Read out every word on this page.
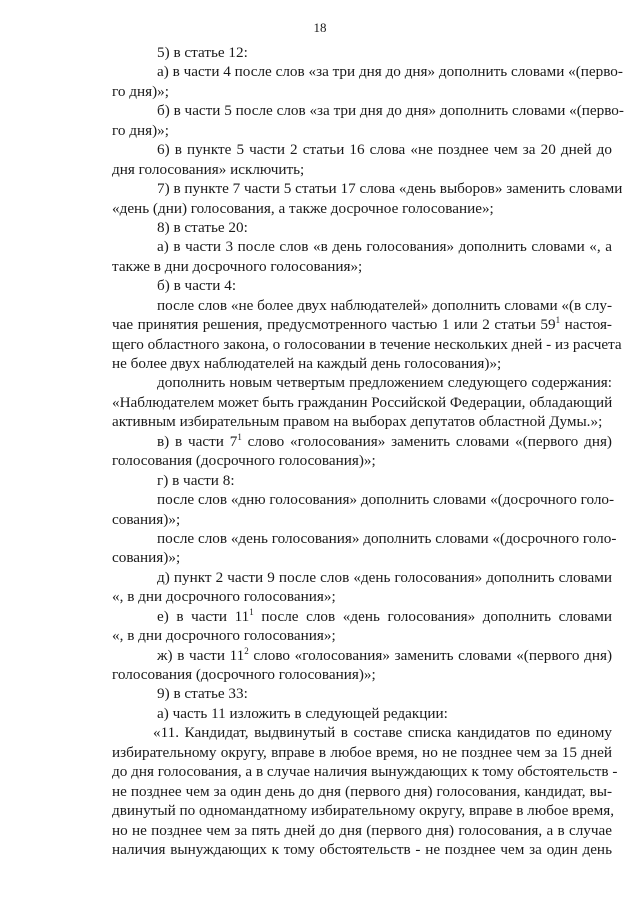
18
5) в статье 12:
а) в части 4 после слов «за три дня до дня» дополнить словами «(перво-
го дня)»;
б) в части 5 после слов «за три дня до дня» дополнить словами «(перво-
го дня)»;
6) в пункте 5 части 2 статьи 16 слова «не позднее чем за 20 дней до
дня голосования» исключить;
7) в пункте 7 части 5 статьи 17 слова «день выборов» заменить словами
«день (дни) голосования, а также досрочное голосование»;
8) в статье 20:
а) в части 3 после слов «в день голосования» дополнить словами «, а
также в дни досрочного голосования»;
б) в части 4:
после слов «не более двух наблюдателей» дополнить словами «(в слу-
чае принятия решения, предусмотренного частью 1 или 2 статьи $59^1$ настоя-
щего областного закона, о голосовании в течение нескольких дней - из расчета
не более двух наблюдателей на каждый день голосования)»;
дополнить новым четвертым предложением следующего содержания:
«Наблюдателем может быть гражданин Российской Федерации, обладающий
активным избирательным правом на выборах депутатов областной Думы.»;
в) в части $7^1$ слово «голосования» заменить словами «(первого дня)
голосования (досрочного голосования)»;
г) в части 8:
после слов «дню голосования» дополнить словами «(досрочного голо-
сования)»;
после слов «день голосования» дополнить словами «(досрочного голо-
сования)»;
д) пункт 2 части 9 после слов «день голосования» дополнить словами
«, в дни досрочного голосования»;
е) в части $11^1$ после слов «день голосования» дополнить словами
«, в дни досрочного голосования»;
ж) в части $11^2$ слово «голосования» заменить словами «(первого дня)
голосования (досрочного голосования)»;
9) в статье 33:
а) часть 11 изложить в следующей редакции:
«11. Кандидат, выдвинутый в составе списка кандидатов по единому
избирательному округу, вправе в любое время, но не позднее чем за 15 дней
до дня голосования, а в случае наличия вынуждающих к тому обстоятельств -
не позднее чем за один день до дня (первого дня) голосования, кандидат, вы-
двинутый по одномандатному избирательному округу, вправе в любое время,
но не позднее чем за пять дней до дня (первого дня) голосования, а в случае
наличия вынуждающих к тому обстоятельств - не позднее чем за один день
